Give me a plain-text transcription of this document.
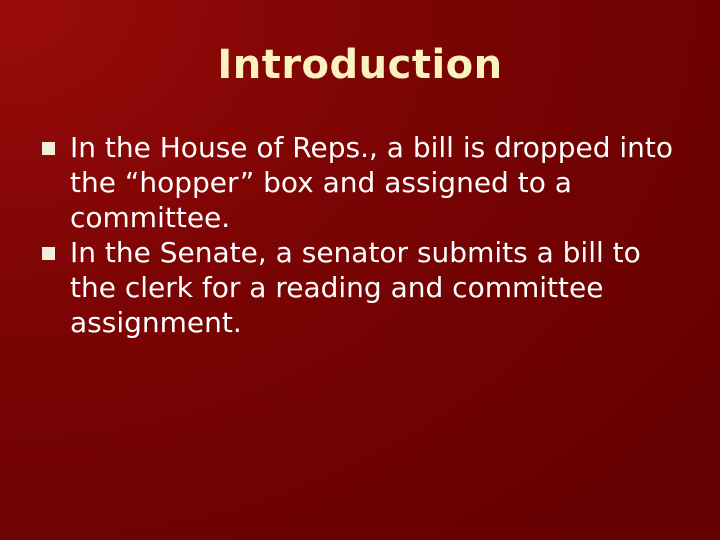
Introduction
In the House of Reps., a bill is dropped into the “hopper” box and assigned to a committee.
In the Senate, a senator submits a bill to the clerk for a reading and committee assignment.
